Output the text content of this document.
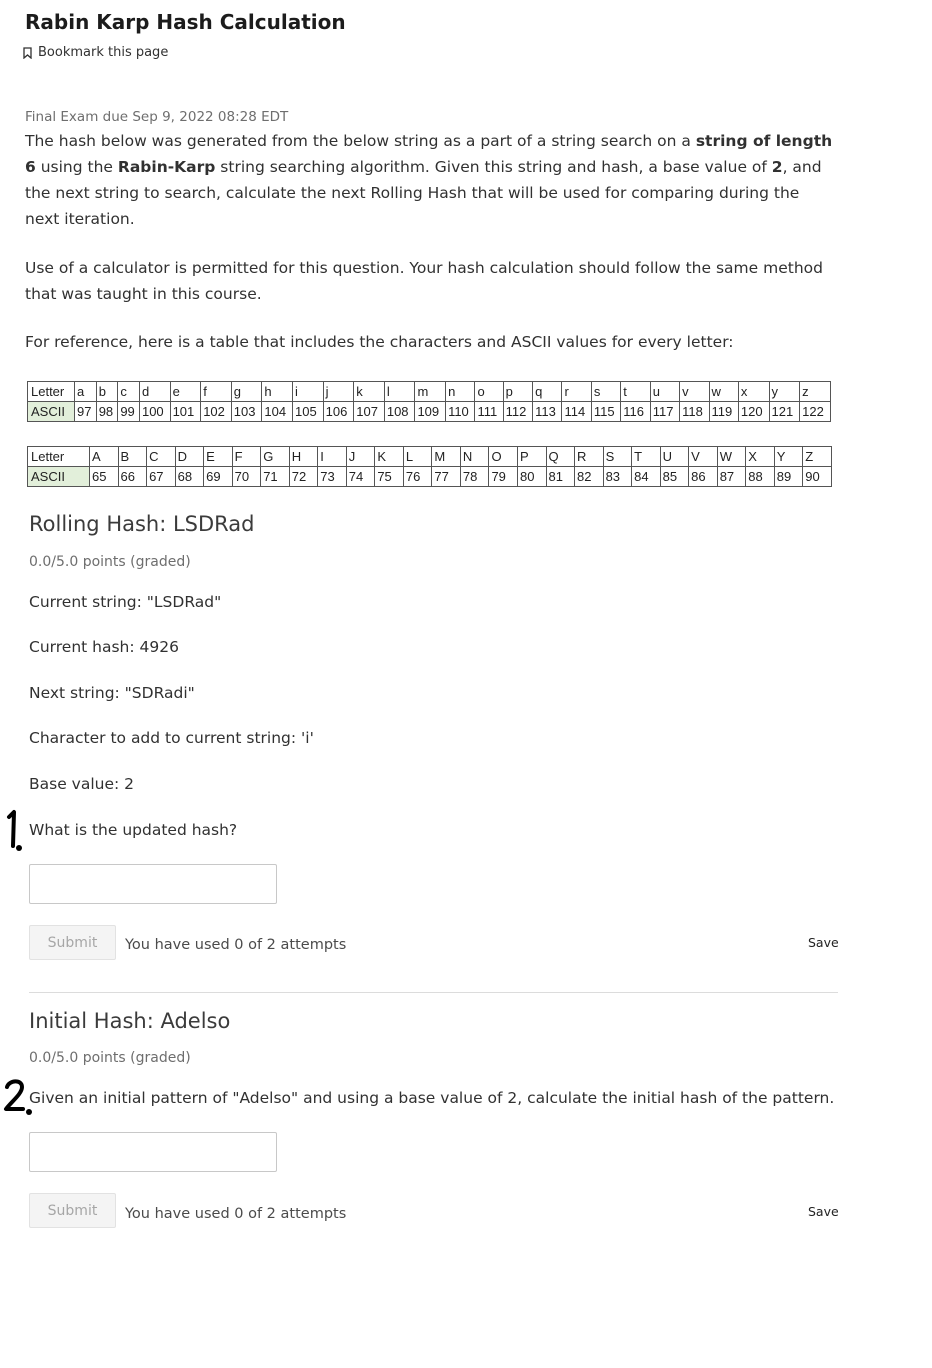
Rabin Karp Hash Calculation
Bookmark this page
Final Exam due Sep 9, 2022 08:28 EDT

The hash below was generated from the below string as a part of a string search on a string of length 6 using the Rabin-Karp string searching algorithm. Given this string and hash, a base value of 2, and the next string to search, calculate the next Rolling Hash that will be used for comparing during the next iteration.

Use of a calculator is permitted for this question. Your hash calculation should follow the same method that was taught in this course.

For reference, here is a table that includes the characters and ASCII values for every letter:

Letter	a	b	c	d	e	f	g	h	i	j	k	l	m	n	o	p	q	r	s	t	u	v	w	x	y	z
ASCII	97	98	99	100	101	102	103	104	105	106	107	108	109	110	111	112	113	114	115	116	117	118	119	120	121	122
Letter	A	B	C	D	E	F	G	H	I	J	K	L	M	N	O	P	Q	R	S	T	U	V	W	X	Y	Z
ASCII	65	66	67	68	69	70	71	72	73	74	75	76	77	78	79	80	81	82	83	84	85	86	87	88	89	90
Rolling Hash: LSDRad
0.0/5.0 points (graded)
Current string: "LSDRad"
Current hash: 4926
Next string: "SDRadi"
Character to add to current string: 'i'
Base value: 2
What is the updated hash?
Submit	You have used 0 of 2 attempts	Save
Initial Hash: Adelso
0.0/5.0 points (graded)
Given an initial pattern of "Adelso" and using a base value of 2, calculate the initial hash of the pattern.
Submit	You have used 0 of 2 attempts	Save
